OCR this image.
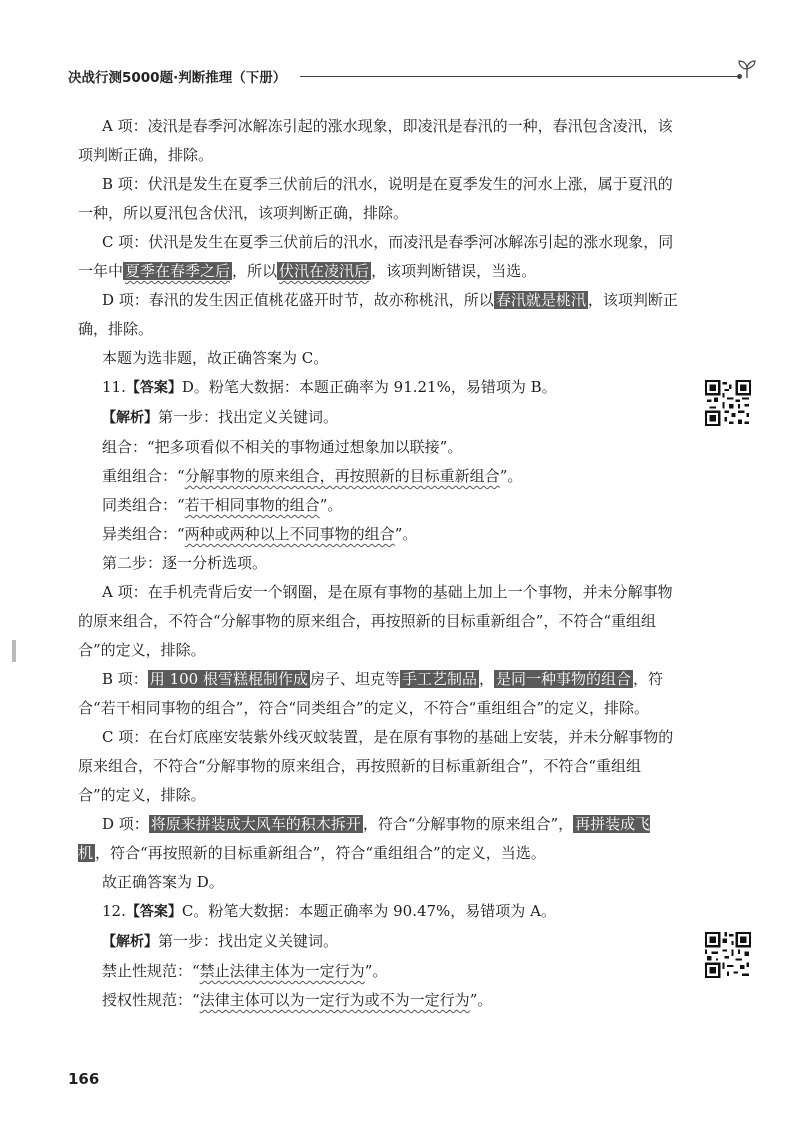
决战行测5000题·判断推理（下册）

A 项：凌汛是春季河冰解冻引起的涨水现象，即凌汛是春汛的一种，春汛包含凌汛，该项判断正确，排除。

B 项：伏汛是发生在夏季三伏前后的汛水，说明是在夏季发生的河水上涨，属于夏汛的一种，所以夏汛包含伏汛，该项判断正确，排除。

C 项：伏汛是发生在夏季三伏前后的汛水，而凌汛是春季河冰解冻引起的涨水现象，同一年中 夏季在春季之后 ，所以 伏汛在凌汛后 ，该项判断错误，当选。

D 项：春汛的发生因正值桃花盛开时节，故亦称桃汛，所以 春汛就是桃汛 ，该项判断正确，排除。

本题为选非题，故正确答案为 C。

11.【答案】D。粉笔大数据：本题正确率为 91.21%，易错项为 B。

【解析】第一步：找出定义关键词。

组合：“把多项看似不相关的事物通过想象加以联接”。

重组组合：“分解事物的原来组合，再按照新的目标重新组合”。

同类组合：“若干相同事物的组合”。

异类组合：“两种或两种以上不同事物的组合”。

第二步：逐一分析选项。

A 项：在手机壳背后安一个钢圈，是在原有事物的基础上加上一个事物，并未分解事物的原来组合，不符合“分解事物的原来组合，再按照新的目标重新组合”，不符合“重组组合”的定义，排除。

B 项： 用 100 根雪糕棍制作成 房子、坦克等 手工艺制品 ， 是同一种事物的组合 ，符合“若干相同事物的组合”，符合“同类组合”的定义，不符合“重组组合”的定义，排除。

C 项：在台灯底座安装紫外线灭蚊装置，是在原有事物的基础上安装，并未分解事物的原来组合，不符合“分解事物的原来组合，再按照新的目标重新组合”，不符合“重组组合”的定义，排除。

D 项： 将原来拼装成大风车的积木拆开 ，符合“分解事物的原来组合”， 再拼装成飞机 ，符合“再按照新的目标重新组合”，符合“重组组合”的定义，当选。

故正确答案为 D。

12.【答案】C。粉笔大数据：本题正确率为 90.47%，易错项为 A。

【解析】第一步：找出定义关键词。

禁止性规范：“禁止法律主体为一定行为”。

授权性规范：“法律主体可以为一定行为或不为一定行为”。

166
